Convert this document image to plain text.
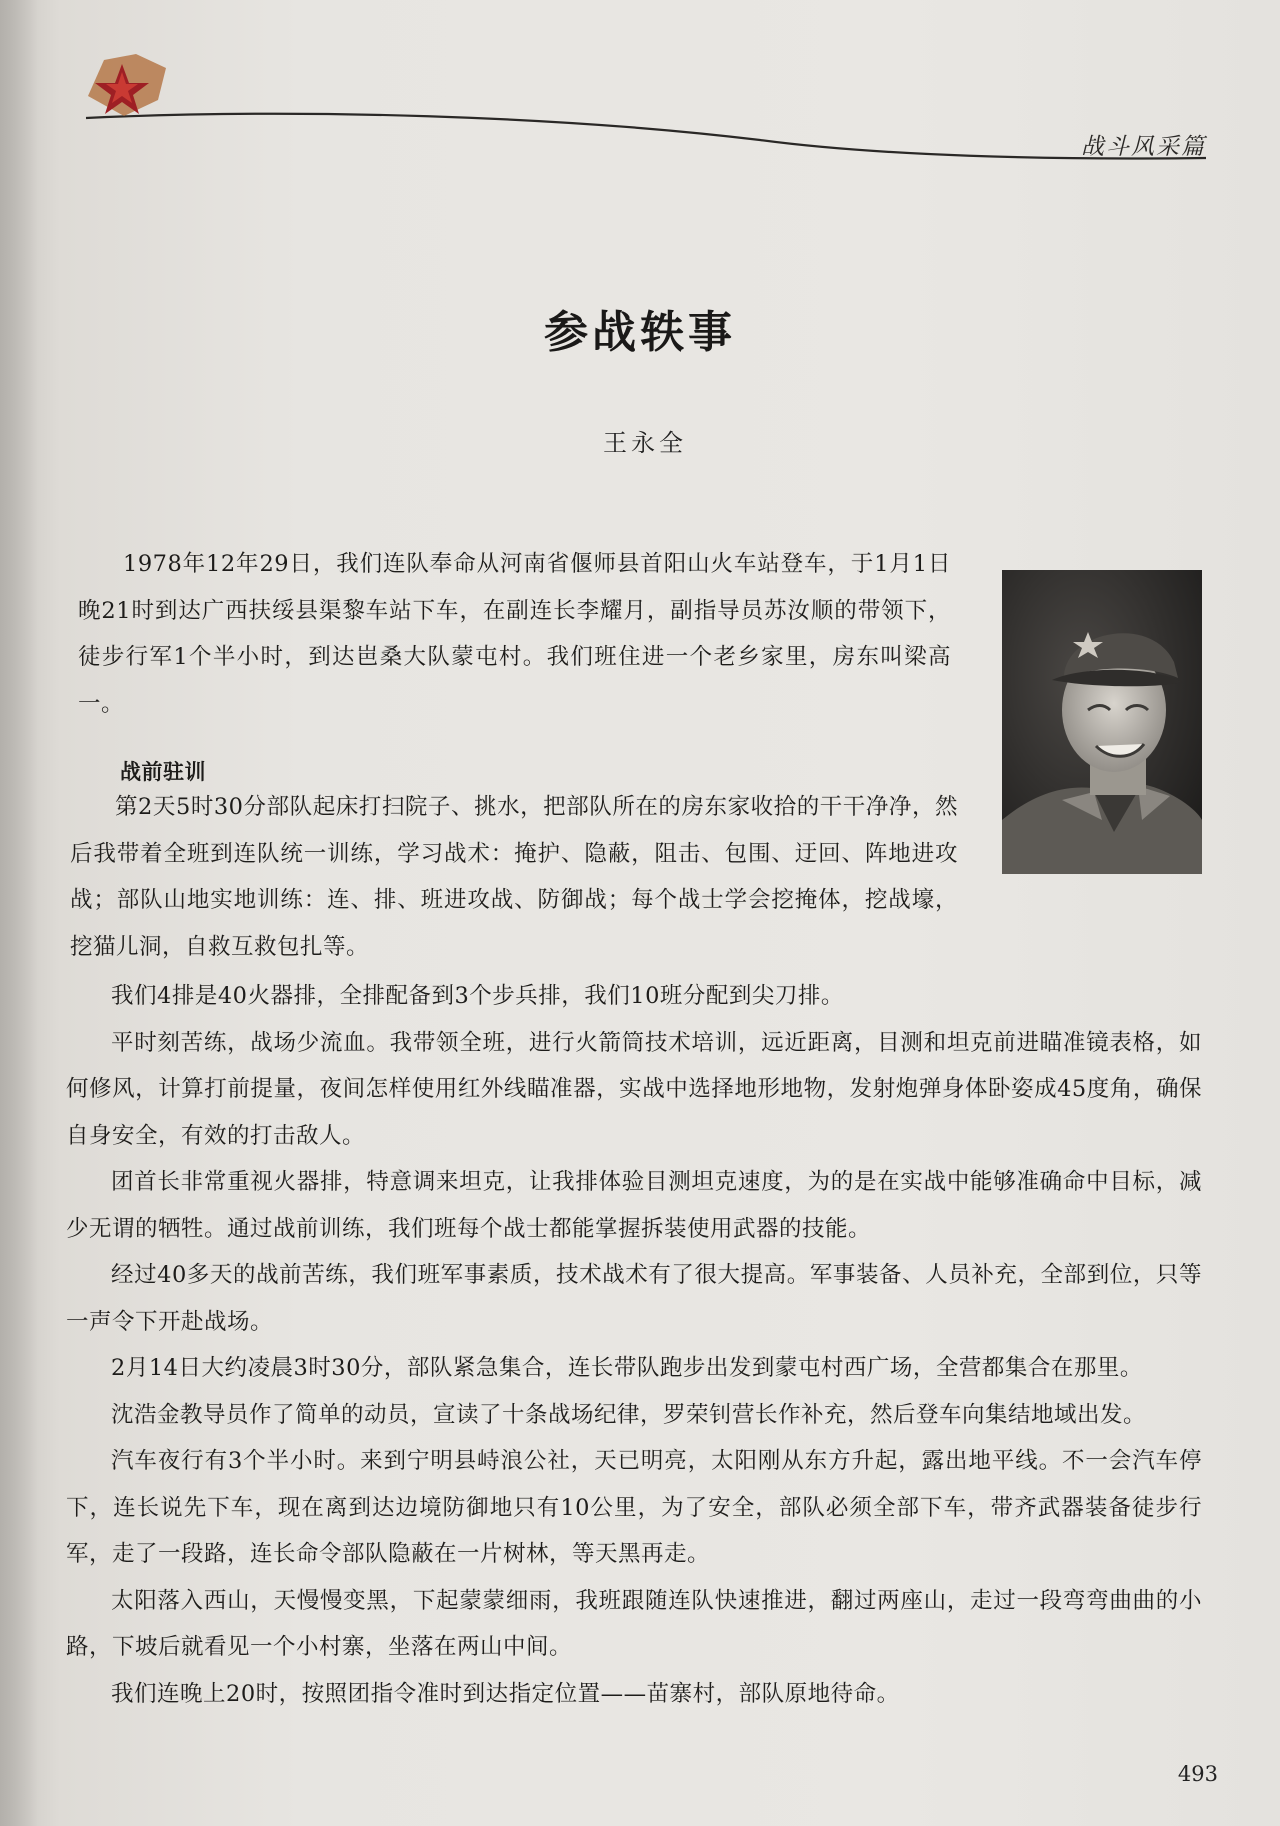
战斗风采篇
参战轶事
王永全

1978年12年29日，我们连队奉命从河南省偃师县首阳山火车站登车，于1月1日晚21时到达广西扶绥县渠黎车站下车，在副连长李耀月，副指导员苏汝顺的带领下，徒步行军1个半小时，到达岜桑大队蒙屯村。我们班住进一个老乡家里，房东叫梁高一。

战前驻训

第2天5时30分部队起床打扫院子、挑水，把部队所在的房东家收拾的干干净净，然后我带着全班到连队统一训练，学习战术：掩护、隐蔽，阻击、包围、迂回、阵地进攻战；部队山地实地训练：连、排、班进攻战、防御战；每个战士学会挖掩体，挖战壕，挖猫儿洞，自救互救包扎等。

我们4排是40火器排，全排配备到3个步兵排，我们10班分配到尖刀排。

平时刻苦练，战场少流血。我带领全班，进行火箭筒技术培训，远近距离，目测和坦克前进瞄准镜表格，如何修风，计算打前提量，夜间怎样使用红外线瞄准器，实战中选择地形地物，发射炮弹身体卧姿成45度角，确保自身安全，有效的打击敌人。

团首长非常重视火器排，特意调来坦克，让我排体验目测坦克速度，为的是在实战中能够准确命中目标，减少无谓的牺牲。通过战前训练，我们班每个战士都能掌握拆装使用武器的技能。

经过40多天的战前苦练，我们班军事素质，技术战术有了很大提高。军事装备、人员补充，全部到位，只等一声令下开赴战场。

2月14日大约凌晨3时30分，部队紧急集合，连长带队跑步出发到蒙屯村西广场，全营都集合在那里。

沈浩金教导员作了简单的动员，宣读了十条战场纪律，罗荣钊营长作补充，然后登车向集结地域出发。

汽车夜行有3个半小时。来到宁明县峙浪公社，天已明亮，太阳刚从东方升起，露出地平线。不一会汽车停下，连长说先下车，现在离到达边境防御地只有10公里，为了安全，部队必须全部下车，带齐武器装备徒步行军，走了一段路，连长命令部队隐蔽在一片树林，等天黑再走。

太阳落入西山，天慢慢变黑，下起蒙蒙细雨，我班跟随连队快速推进，翻过两座山，走过一段弯弯曲曲的小路，下坡后就看见一个小村寨，坐落在两山中间。

我们连晚上20时，按照团指令准时到达指定位置——苗寨村，部队原地待命。

493
